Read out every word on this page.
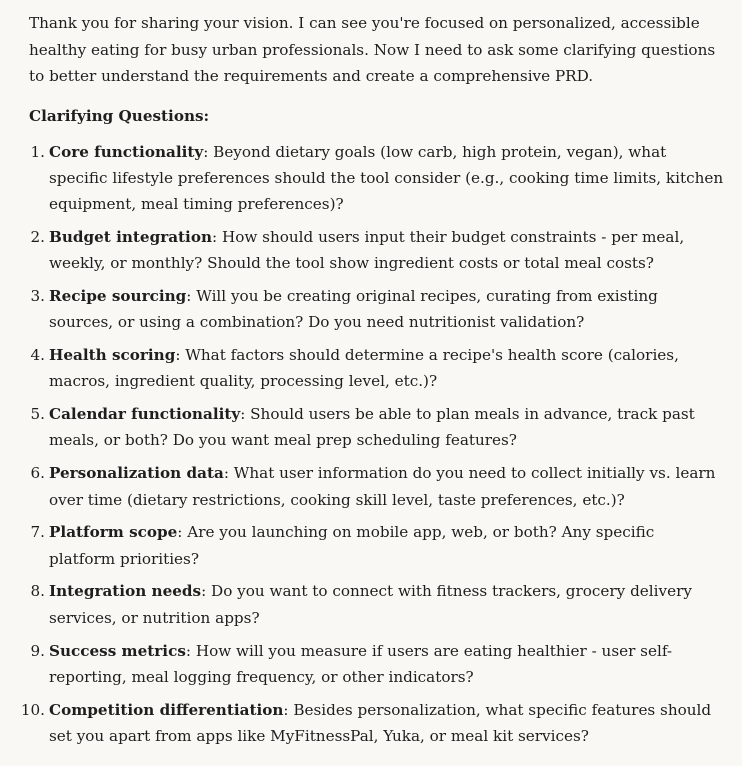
Thank you for sharing your vision. I can see you're focused on personalized, accessible healthy eating for busy urban professionals. Now I need to ask some clarifying questions to better understand the requirements and create a comprehensive PRD.

Clarifying Questions:
1. Core functionality: Beyond dietary goals (low carb, high protein, vegan), what specific lifestyle preferences should the tool consider (e.g., cooking time limits, kitchen equipment, meal timing preferences)?
2. Budget integration: How should users input their budget constraints - per meal, weekly, or monthly? Should the tool show ingredient costs or total meal costs?
3. Recipe sourcing: Will you be creating original recipes, curating from existing sources, or using a combination? Do you need nutritionist validation?
4. Health scoring: What factors should determine a recipe's health score (calories, macros, ingredient quality, processing level, etc.)?
5. Calendar functionality: Should users be able to plan meals in advance, track past meals, or both? Do you want meal prep scheduling features?
6. Personalization data: What user information do you need to collect initially vs. learn over time (dietary restrictions, cooking skill level, taste preferences, etc.)?
7. Platform scope: Are you launching on mobile app, web, or both? Any specific platform priorities?
8. Integration needs: Do you want to connect with fitness trackers, grocery delivery services, or nutrition apps?
9. Success metrics: How will you measure if users are eating healthier - user self-reporting, meal logging frequency, or other indicators?
10. Competition differentiation: Besides personalization, what specific features should set you apart from apps like MyFitnessPal, Yuka, or meal kit services?
